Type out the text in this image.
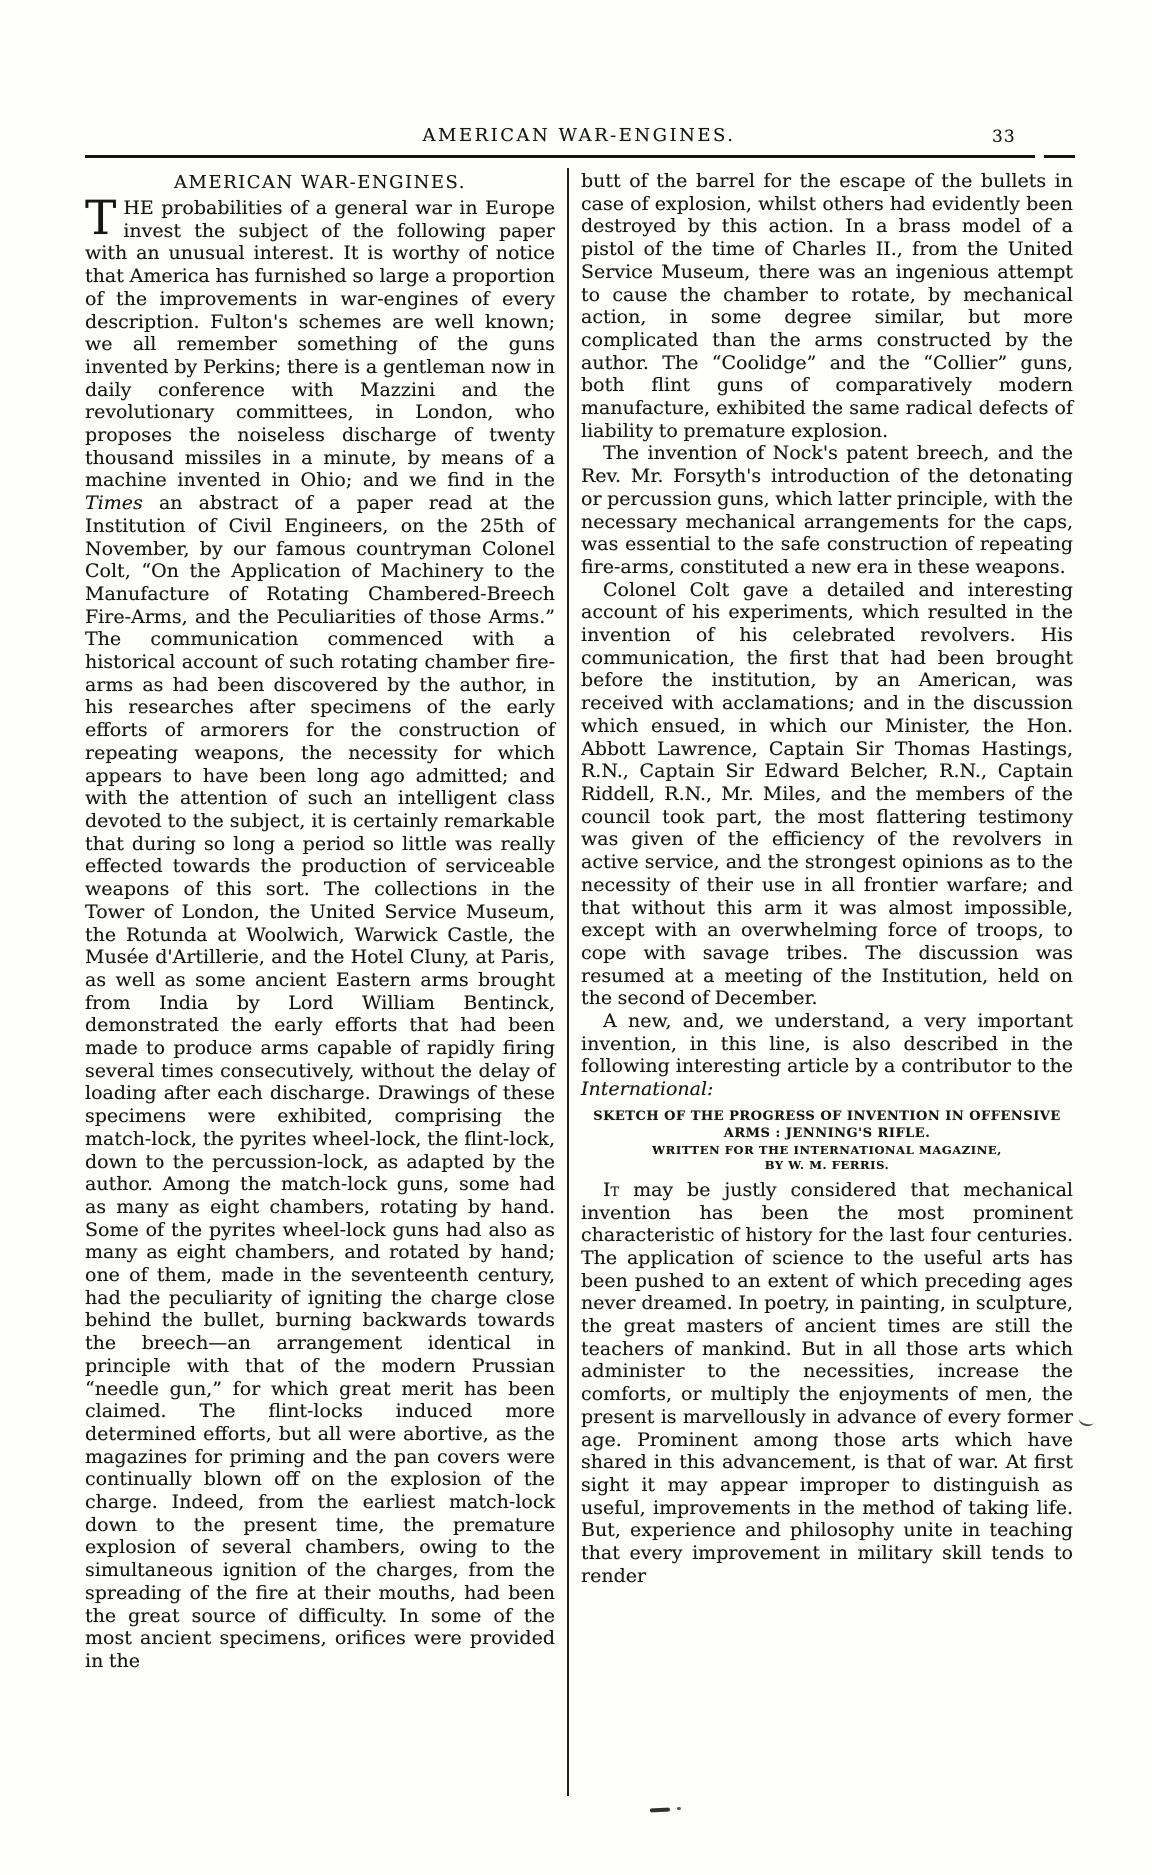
AMERICAN WAR-ENGINES.	33
AMERICAN WAR-ENGINES.

THE probabilities of a general war in Europe invest the subject of the following paper with an unusual interest. It is worthy of notice that America has furnished so large a proportion of the improvements in war-engines of every description. Fulton's schemes are well known; we all remember something of the guns invented by Perkins; there is a gentleman now in daily conference with Mazzini and the revolutionary committees, in London, who proposes the noiseless discharge of twenty thousand missiles in a minute, by means of a machine invented in Ohio; and we find in the Times an abstract of a paper read at the Institution of Civil Engineers, on the 25th of November, by our famous countryman Colonel Colt, “On the Application of Machinery to the Manufacture of Rotating Chambered-Breech Fire-Arms, and the Peculiarities of those Arms.” The communication commenced with a historical account of such rotating chamber fire-arms as had been discovered by the author, in his researches after specimens of the early efforts of armorers for the construction of repeating weapons, the necessity for which appears to have been long ago admitted; and with the attention of such an intelligent class devoted to the subject, it is certainly remarkable that during so long a period so little was really effected towards the production of serviceable weapons of this sort. The collections in the Tower of London, the United Service Museum, the Rotunda at Woolwich, Warwick Castle, the Musée d'Artillerie, and the Hotel Cluny, at Paris, as well as some ancient Eastern arms brought from India by Lord William Bentinck, demonstrated the early efforts that had been made to produce arms capable of rapidly firing several times consecutively, without the delay of loading after each discharge. Drawings of these specimens were exhibited, comprising the match-lock, the pyrites wheel-lock, the flint-lock, down to the percussion-lock, as adapted by the author. Among the match-lock guns, some had as many as eight chambers, rotating by hand. Some of the pyrites wheel-lock guns had also as many as eight chambers, and rotated by hand; one of them, made in the seventeenth century, had the peculiarity of igniting the charge close behind the bullet, burning backwards towards the breech—an arrangement identical in principle with that of the modern Prussian “needle gun,” for which great merit has been claimed. The flint-locks induced more determined efforts, but all were abortive, as the magazines for priming and the pan covers were continually blown off on the explosion of the charge. Indeed, from the earliest match-lock down to the present time, the premature explosion of several chambers, owing to the simultaneous ignition of the charges, from the spreading of the fire at their mouths, had been the great source of difficulty. In some of the most ancient specimens, orifices were provided in the

butt of the barrel for the escape of the bullets in case of explosion, whilst others had evidently been destroyed by this action. In a brass model of a pistol of the time of Charles II., from the United Service Museum, there was an ingenious attempt to cause the chamber to rotate, by mechanical action, in some degree similar, but more complicated than the arms constructed by the author. The “Coolidge” and the “Collier” guns, both flint guns of comparatively modern manufacture, exhibited the same radical defects of liability to premature explosion.

The invention of Nock's patent breech, and the Rev. Mr. Forsyth's introduction of the detonating or percussion guns, which latter principle, with the necessary mechanical arrangements for the caps, was essential to the safe construction of repeating fire-arms, constituted a new era in these weapons.

Colonel Colt gave a detailed and interesting account of his experiments, which resulted in the invention of his celebrated revolvers. His communication, the first that had been brought before the institution, by an American, was received with acclamations; and in the discussion which ensued, in which our Minister, the Hon. Abbott Lawrence, Captain Sir Thomas Hastings, R.N., Captain Sir Edward Belcher, R.N., Captain Riddell, R.N., Mr. Miles, and the members of the council took part, the most flattering testimony was given of the efficiency of the revolvers in active service, and the strongest opinions as to the necessity of their use in all frontier warfare; and that without this arm it was almost impossible, except with an overwhelming force of troops, to cope with savage tribes. The discussion was resumed at a meeting of the Institution, held on the second of December.

A new, and, we understand, a very important invention, in this line, is also described in the following interesting article by a contributor to the International:

SKETCH OF THE PROGRESS OF INVENTION IN OFFENSIVE ARMS : JENNING'S RIFLE.
WRITTEN FOR THE INTERNATIONAL MAGAZINE,
BY W. M. FERRIS.

It may be justly considered that mechanical invention has been the most prominent characteristic of history for the last four centuries. The application of science to the useful arts has been pushed to an extent of which preceding ages never dreamed. In poetry, in painting, in sculpture, the great masters of ancient times are still the teachers of mankind. But in all those arts which administer to the necessities, increase the comforts, or multiply the enjoyments of men, the present is marvellously in advance of every former age. Prominent among those arts which have shared in this advancement, is that of war. At first sight it may appear improper to distinguish as useful, improvements in the method of taking life. But, experience and philosophy unite in teaching that every improvement in military skill tends to render
